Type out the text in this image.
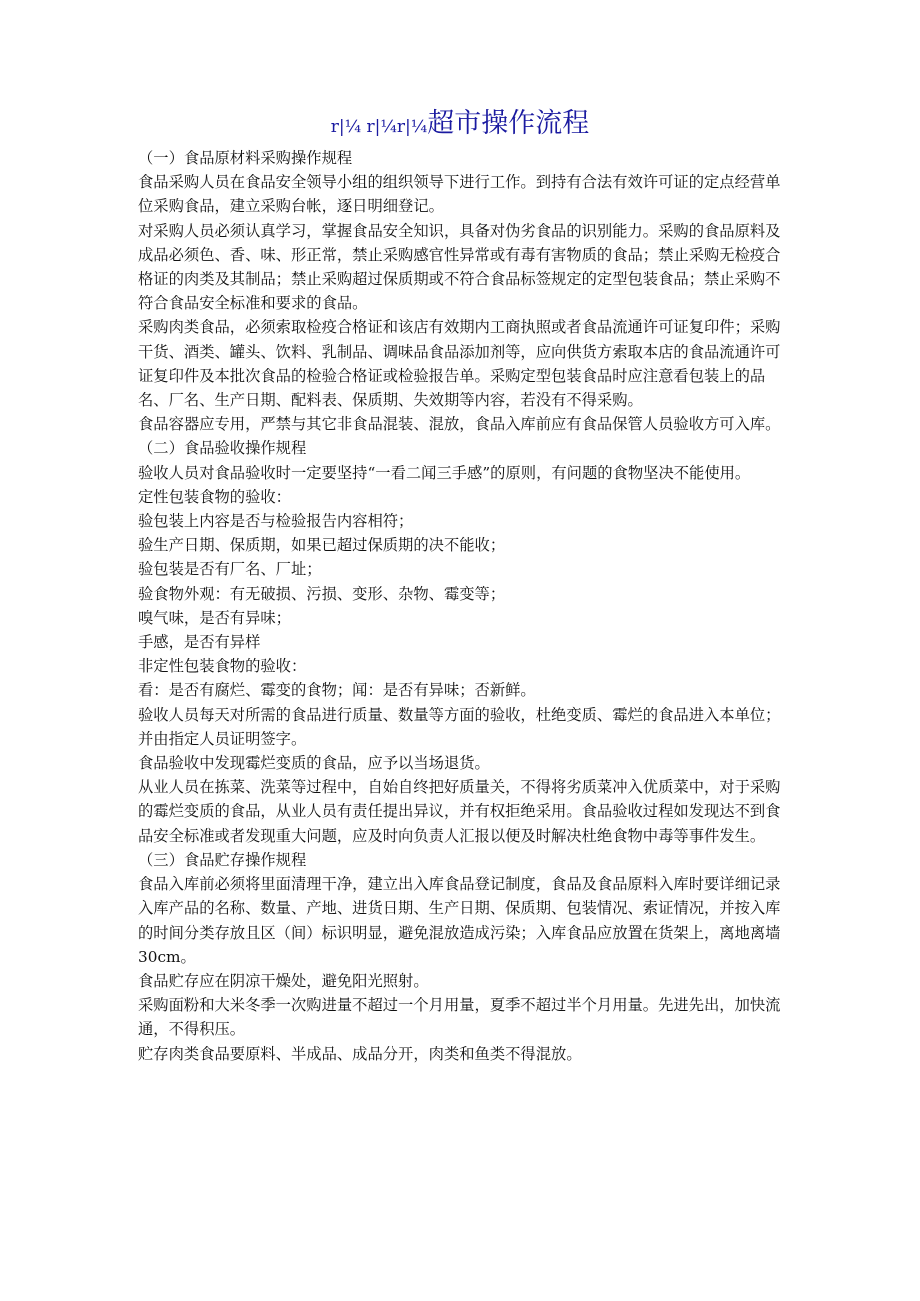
r|¼ r|¼r|¼超市操作流程

（一）食品原材料采购操作规程

食品采购人员在食品安全领导小组的组织领导下进行工作。到持有合法有效许可证的定点经营单位采购食品，建立采购台帐，逐日明细登记。

对采购人员必须认真学习，掌握食品安全知识，具备对伪劣食品的识别能力。采购的食品原料及成品必须色、香、味、形正常，禁止采购感官性异常或有毒有害物质的食品；禁止采购无检疫合格证的肉类及其制品；禁止采购超过保质期或不符合食品标签规定的定型包装食品；禁止采购不符合食品安全标准和要求的食品。

采购肉类食品，必须索取检疫合格证和该店有效期内工商执照或者食品流通许可证复印件；采购干货、酒类、罐头、饮料、乳制品、调味品食品添加剂等，应向供货方索取本店的食品流通许可证复印件及本批次食品的检验合格证或检验报告单。采购定型包装食品时应注意看包装上的品名、厂名、生产日期、配料表、保质期、失效期等内容，若没有不得采购。

食品容器应专用，严禁与其它非食品混装、混放，食品入库前应有食品保管人员验收方可入库。

（二）食品验收操作规程

验收人员对食品验收时一定要坚持“一看二闻三手感”的原则，有问题的食物坚决不能使用。

定性包装食物的验收：

验包装上内容是否与检验报告内容相符；

验生产日期、保质期，如果已超过保质期的决不能收；

验包装是否有厂名、厂址；

验食物外观：有无破损、污损、变形、杂物、霉变等；

嗅气味，是否有异味；

手感，是否有异样

非定性包装食物的验收：

看：是否有腐烂、霉变的食物；闻：是否有异味；否新鲜。

验收人员每天对所需的食品进行质量、数量等方面的验收，杜绝变质、霉烂的食品进入本单位；并由指定人员证明签字。

食品验收中发现霉烂变质的食品，应予以当场退货。

从业人员在拣菜、洗菜等过程中，自始自终把好质量关，不得将劣质菜冲入优质菜中，对于采购的霉烂变质的食品，从业人员有责任提出异议，并有权拒绝采用。食品验收过程如发现达不到食品安全标准或者发现重大问题，应及时向负责人汇报以便及时解决杜绝食物中毒等事件发生。

（三）食品贮存操作规程

食品入库前必须将里面清理干净，建立出入库食品登记制度，食品及食品原料入库时要详细记录入库产品的名称、数量、产地、进货日期、生产日期、保质期、包装情况、索证情况，并按入库的时间分类存放且区（间）标识明显，避免混放造成污染；入库食品应放置在货架上，离地离墙30cm。

食品贮存应在阴凉干燥处，避免阳光照射。

采购面粉和大米冬季一次购进量不超过一个月用量，夏季不超过半个月用量。先进先出，加快流通，不得积压。

贮存肉类食品要原料、半成品、成品分开，肉类和鱼类不得混放。
